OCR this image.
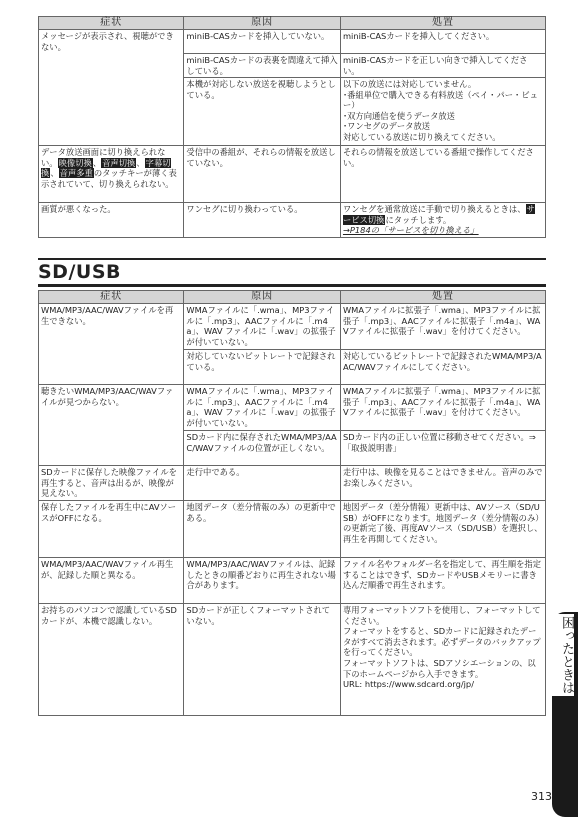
症状	原因	処置
メッセージが表示され、視聴ができない。	miniB-CASカードを挿入していない。	miniB-CASカードを挿入してください。
	miniB-CASカードの表裏を間違えて挿入している。	miniB-CASカードを正しい向きで挿入してください。
	本機が対応しない放送を視聴しようとしている。	以下の放送には対応していません。
･番組単位で購入できる有料放送（ペイ・パー・ビュー）
･双方向通信を使うデータ放送
･ワンセグのデータ放送
対応している放送に切り換えてください。

データ放送画面に切り換えられない。映像切換、音声切換、字幕切換、音声多重のタッチキーが薄く表示されていて、切り換えられない。	受信中の番組が、それらの情報を放送していない。	それらの情報を放送している番組で操作してください。
画質が悪くなった。	ワンセグに切り換わっている。	ワンセグを通常放送に手動で切り換えるときは、サービス切換にタッチします。
→P184の「サービスを切り換える」
SD/USB
症状	原因	処置
WMA/MP3/AAC/WAVファイルを再生できない。	WMAファイルに「.wma」、MP3ファイルに「.mp3」、AACファイルに「.m4a」、WAV ファイルに「.wav」の拡張子が付いていない。	WMAファイルに拡張子「.wma」、MP3ファイルに拡張子「.mp3」、AACファイルに拡張子「.m4a」、WAVファイルに拡張子「.wav」を付けてください。
	対応していないビットレートで記録されている。	対応しているビットレートで記録されたWMA/MP3/AAC/WAVファイルにしてください。
聴きたいWMA/MP3/AAC/WAVファイルが見つからない。	WMAファイルに「.wma」、MP3ファイルに「.mp3」、AACファイルに「.m4a」、WAV ファイルに「.wav」の拡張子が付いていない。	WMAファイルに拡張子「.wma」、MP3ファイルに拡張子「.mp3」、AACファイルに拡張子「.m4a」、WAVファイルに拡張子「.wav」を付けてください。
	SDカード内に保存されたWMA/MP3/AAC/WAVファイルの位置が正しくない。	SDカード内の正しい位置に移動させてください。⇒「取扱説明書」
SDカードに保存した映像ファイルを再生すると、音声は出るが、映像が見えない。	走行中である。	走行中は、映像を見ることはできません。音声のみでお楽しみください。
保存したファイルを再生中にAVソースがOFFになる。	地図データ（差分情報のみ）の更新中である。	地図データ（差分情報）更新中は、AVソース（SD/USB）がOFFになります。地図データ（差分情報のみ）の更新完了後、再度AVソース（SD/USB）を選択し、再生を再開してください。
WMA/MP3/AAC/WAVファイル再生が、記録した順と異なる。	WMA/MP3/AAC/WAVファイルは、記録したときの順番どおりに再生されない場合があります。	ファイル名やフォルダー名を指定して、再生順を指定することはできず、SDカードやUSBメモリーに書き込んだ順番で再生されます。
お持ちのパソコンで認識しているSDカードが、本機で認識しない。	SDカードが正しくフォーマットされていない。	専用フォーマットソフトを使用し、フォーマットしてください。
フォーマットをすると、SDカードに記録されたデータがすべて消去されます。必ずデータのバックアップを行ってください。
フォーマットソフトは、SDアソシエーションの、以下のホームページから入手できます。
URL: https://www.sdcard.org/jp/	困ったときは
313
